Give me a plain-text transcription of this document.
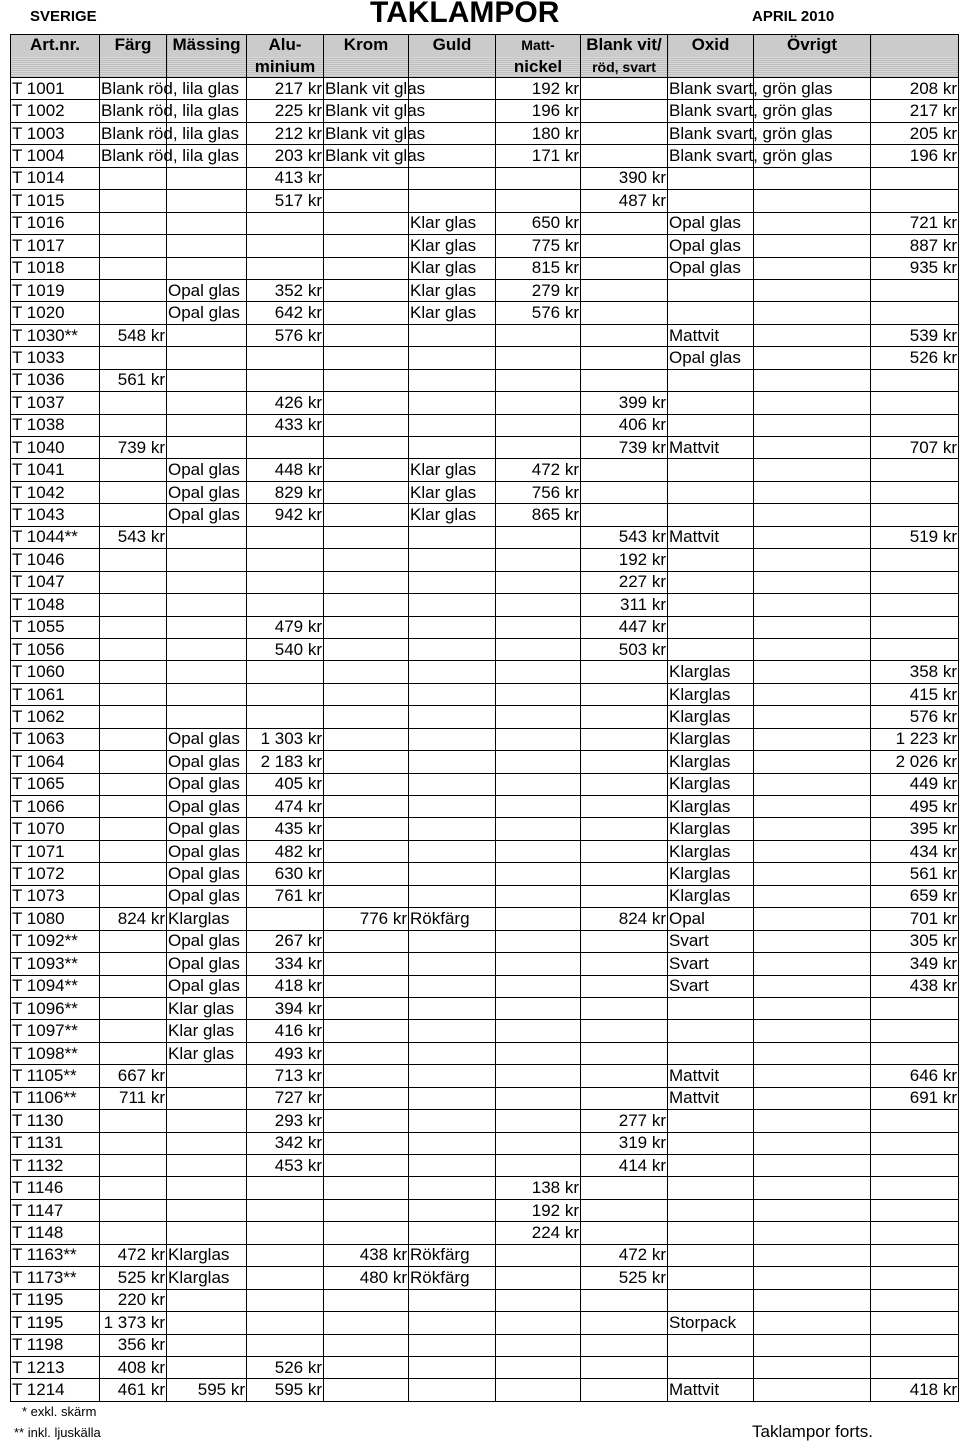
SVERIGE	TAKLAMPOR	APRIL 2010
Art.nr.	Färg	Mässing	Alu-	Krom	Guld	Matt-	Blank vit/	Oxid	Övrigt	
			minium			nickel	röd, svart			
T 1001	Blank röd, lila glas		217 kr	Blank vit glas		192 kr		Blank svart, grön glas		208 kr
T 1002	Blank röd, lila glas		225 kr	Blank vit glas		196 kr		Blank svart, grön glas		217 kr
T 1003	Blank röd, lila glas		212 kr	Blank vit glas		180 kr		Blank svart, grön glas		205 kr
T 1004	Blank röd, lila glas		203 kr	Blank vit glas		171 kr		Blank svart, grön glas		196 kr
T 1014			413 kr				390 kr			
T 1015			517 kr				487 kr			
T 1016					Klar glas	650 kr		Opal glas		721 kr
T 1017					Klar glas	775 kr		Opal glas		887 kr
T 1018					Klar glas	815 kr		Opal glas		935 kr
T 1019		Opal glas	352 kr		Klar glas	279 kr				
T 1020		Opal glas	642 kr		Klar glas	576 kr				
T 1030**	548 kr		576 kr					Mattvit		539 kr
T 1033								Opal glas		526 kr
T 1036	561 kr									
T 1037			426 kr				399 kr			
T 1038			433 kr				406 kr			
T 1040	739 kr						739 kr	Mattvit		707 kr
T 1041		Opal glas	448 kr		Klar glas	472 kr				
T 1042		Opal glas	829 kr		Klar glas	756 kr				
T 1043		Opal glas	942 kr		Klar glas	865 kr				
T 1044**	543 kr						543 kr	Mattvit		519 kr
T 1046							192 kr			
T 1047							227 kr			
T 1048							311 kr			
T 1055			479 kr				447 kr			
T 1056			540 kr				503 kr			
T 1060								Klarglas		358 kr
T 1061								Klarglas		415 kr
T 1062								Klarglas		576 kr
T 1063		Opal glas	1 303 kr					Klarglas		1 223 kr
T 1064		Opal glas	2 183 kr					Klarglas		2 026 kr
T 1065		Opal glas	405 kr					Klarglas		449 kr
T 1066		Opal glas	474 kr					Klarglas		495 kr
T 1070		Opal glas	435 kr					Klarglas		395 kr
T 1071		Opal glas	482 kr					Klarglas		434 kr
T 1072		Opal glas	630 kr					Klarglas		561 kr
T 1073		Opal glas	761 kr					Klarglas		659 kr
T 1080	824 kr	Klarglas		776 kr	Rökfärg		824 kr	Opal		701 kr
T 1092**		Opal glas	267 kr					Svart		305 kr
T 1093**		Opal glas	334 kr					Svart		349 kr
T 1094**		Opal glas	418 kr					Svart		438 kr
T 1096**		Klar glas	394 kr							
T 1097**		Klar glas	416 kr							
T 1098**		Klar glas	493 kr							
T 1105**	667 kr		713 kr					Mattvit		646 kr
T 1106**	711 kr		727 kr					Mattvit		691 kr
T 1130			293 kr				277 kr			
T 1131			342 kr				319 kr			
T 1132			453 kr				414 kr			
T 1146						138 kr				
T 1147						192 kr				
T 1148						224 kr				
T 1163**	472 kr	Klarglas		438 kr	Rökfärg		472 kr			
T 1173**	525 kr	Klarglas		480 kr	Rökfärg		525 kr			
T 1195	220 kr									
T 1195	1 373 kr							Storpack		
T 1198	356 kr									
T 1213	408 kr		526 kr							
T 1214	461 kr	595 kr	595 kr					Mattvit		418 kr
* exkl. skärm
** inkl. ljuskälla	Taklampor forts.
